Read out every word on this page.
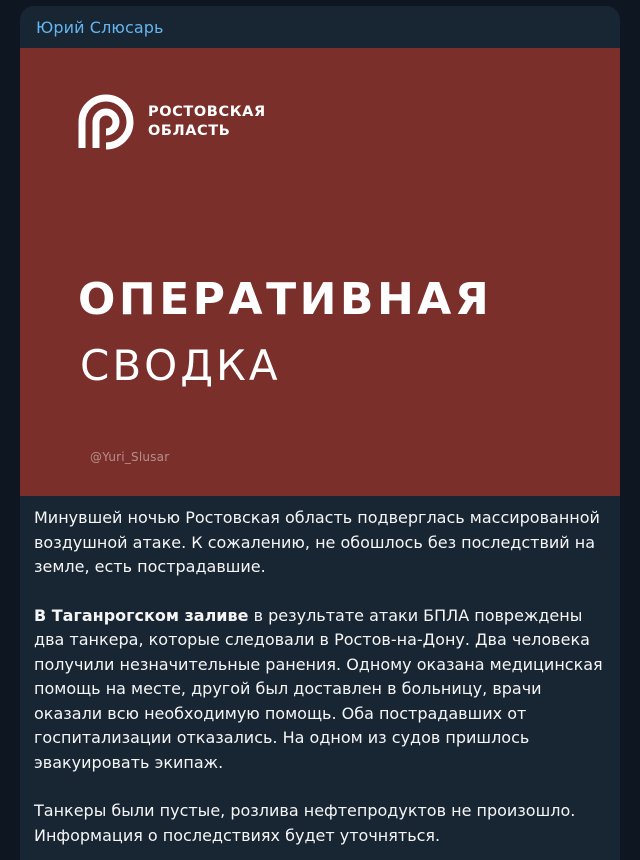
Юрий Слюсарь
РОСТОВСКАЯ
ОБЛАСТЬ
ОПЕРАТИВНАЯ
СВОДКА
@Yuri_Slusar

Минувшей ночью Ростовская область подверглась массированной воздушной атаке. К сожалению, не обошлось без последствий на земле, есть пострадавшие.

В Таганрогском заливе в результате атаки БПЛА повреждены два танкера, которые следовали в Ростов-на-Дону. Два человека получили незначительные ранения. Одному оказана медицинская помощь на месте, другой был доставлен в больницу, врачи оказали всю необходимую помощь. Оба пострадавших от госпитализации отказались. На одном из судов пришлось эвакуировать экипаж.

Танкеры были пустые, розлива нефтепродуктов не произошло. Информация о последствиях будет уточняться.
